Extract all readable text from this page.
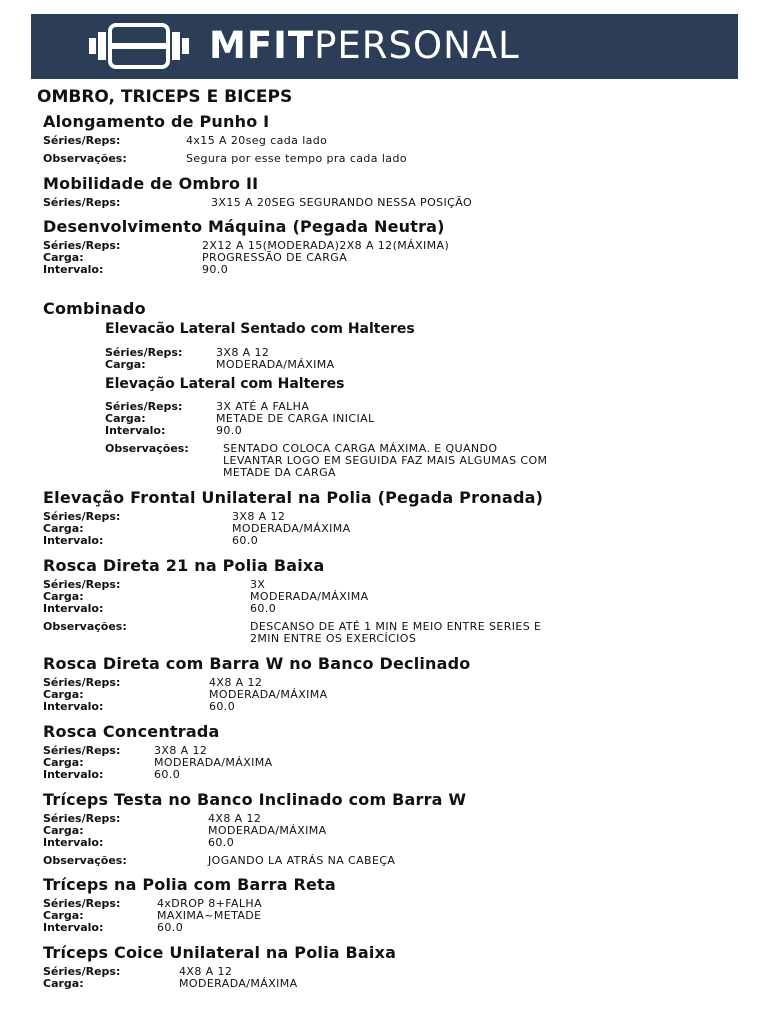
MFITPERSONAL
OMBRO, TRICEPS E BICEPS
Alongamento de Punho I
Séries/Reps:	4x15 A 20seg cada lado
Observações:	Segura por esse tempo pra cada lado
Mobilidade de Ombro II
Séries/Reps:	3X15 A 20SEG SEGURANDO NESSA POSIÇÃO
Desenvolvimento Máquina (Pegada Neutra)
Séries/Reps:	2X12 A 15(MODERADA)2X8 A 12(MÁXIMA)
Carga:	PROGRESSÃO DE CARGA
Intervalo:	90.0
Combinado
Elevacão Lateral Sentado com Halteres
Séries/Reps:	3X8 A 12
Carga:	MODERADA/MÁXIMA
Elevação Lateral com Halteres
Séries/Reps:	3X ATÉ A FALHA
Carga:	METADE DE CARGA INICIAL
Intervalo:	90.0
Observações:	SENTADO COLOCA CARGA MÁXIMA. E QUANDO
LEVANTAR LOGO EM SEGUIDA FAZ MAIS ALGUMAS COM
METADE DA CARGA
Elevação Frontal Unilateral na Polia (Pegada Pronada)
Séries/Reps:	3X8 A 12
Carga:	MODERADA/MÁXIMA
Intervalo:	60.0
Rosca Direta 21 na Polia Baixa
Séries/Reps:	3X
Carga:	MODERADA/MÁXIMA
Intervalo:	60.0
Observações:	DESCANSO DE ATÉ 1 MIN E MEIO ENTRE SERIES E
2MIN ENTRE OS EXERCÍCIOS
Rosca Direta com Barra W no Banco Declinado
Séries/Reps:	4X8 A 12
Carga:	MODERADA/MÁXIMA
Intervalo:	60.0
Rosca Concentrada
Séries/Reps:	3X8 A 12
Carga:	MODERADA/MÁXIMA
Intervalo:	60.0
Tríceps Testa no Banco Inclinado com Barra W
Séries/Reps:	4X8 A 12
Carga:	MODERADA/MÁXIMA
Intervalo:	60.0
Observações:	JOGANDO LA ATRÁS NA CABEÇA
Tríceps na Polia com Barra Reta
Séries/Reps:	4xDROP 8+FALHA
Carga:	MAXIMA~METADE
Intervalo:	60.0
Tríceps Coice Unilateral na Polia Baixa
Séries/Reps:	4X8 A 12
Carga:	MODERADA/MÁXIMA
